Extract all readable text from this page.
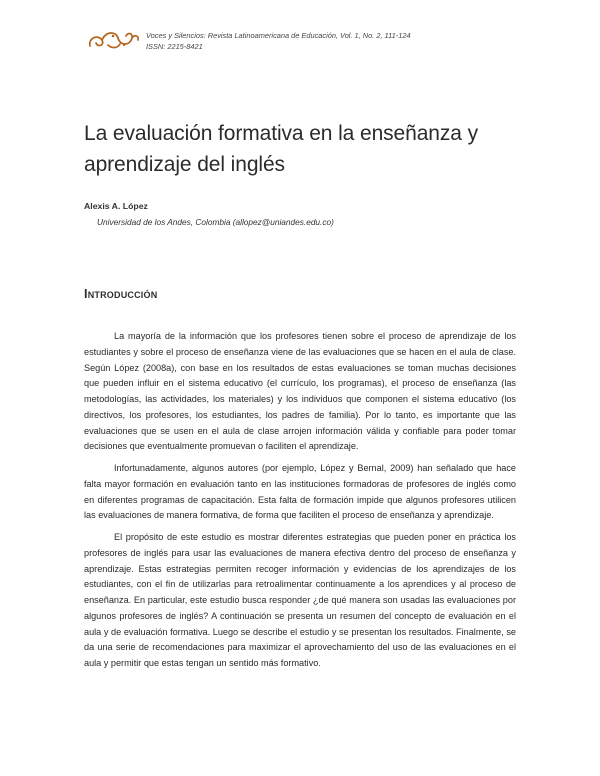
Voces y Silencios: Revista Latinoamericana de Educación, Vol. 1, No. 2, 111-124
ISSN: 2215-8421
La evaluación formativa en la enseñanza y
aprendizaje del inglés
Alexis A. López
Universidad de los Andes, Colombia (allopez@uniandes.edu.co)
Introducción

La mayoría de la información que los profesores tienen sobre el proceso de aprendizaje de los estudiantes y sobre el proceso de enseñanza viene de las evaluaciones que se hacen en el aula de clase. Según López (2008a), con base en los resultados de estas evaluaciones se toman muchas decisiones que pueden influir en el sistema educativo (el currículo, los programas), el proceso de enseñanza (las metodologías, las actividades, los materiales) y los individuos que componen el sistema educativo (los directivos, los profesores, los estudiantes, los padres de familia). Por lo tanto, es importante que las evaluaciones que se usen en el aula de clase arrojen información válida y confiable para poder tomar decisiones que eventualmente promuevan o faciliten el aprendizaje.

Infortunadamente, algunos autores (por ejemplo, López y Bernal, 2009) han señalado que hace falta mayor formación en evaluación tanto en las instituciones formadoras de profesores de inglés como en diferentes programas de capacitación. Esta falta de formación impide que algunos profesores utilicen las evaluaciones de manera formativa, de forma que faciliten el proceso de enseñanza y aprendizaje.

El propósito de este estudio es mostrar diferentes estrategias que pueden poner en práctica los profesores de inglés para usar las evaluaciones de manera efectiva dentro del proceso de enseñanza y aprendizaje. Estas estrategias permiten recoger información y evidencias de los aprendizajes de los estudiantes, con el fin de utilizarlas para retroalimentar continuamente a los aprendices y al proceso de enseñanza. En particular, este estudio busca responder ¿de qué manera son usadas las evaluaciones por algunos profesores de inglés? A continuación se presenta un resumen del concepto de evaluación en el aula y de evaluación formativa. Luego se describe el estudio y se presentan los resultados. Finalmente, se da una serie de recomendaciones para maximizar el aprovechamiento del uso de las evaluaciones en el aula y permitir que estas tengan un sentido más formativo.
